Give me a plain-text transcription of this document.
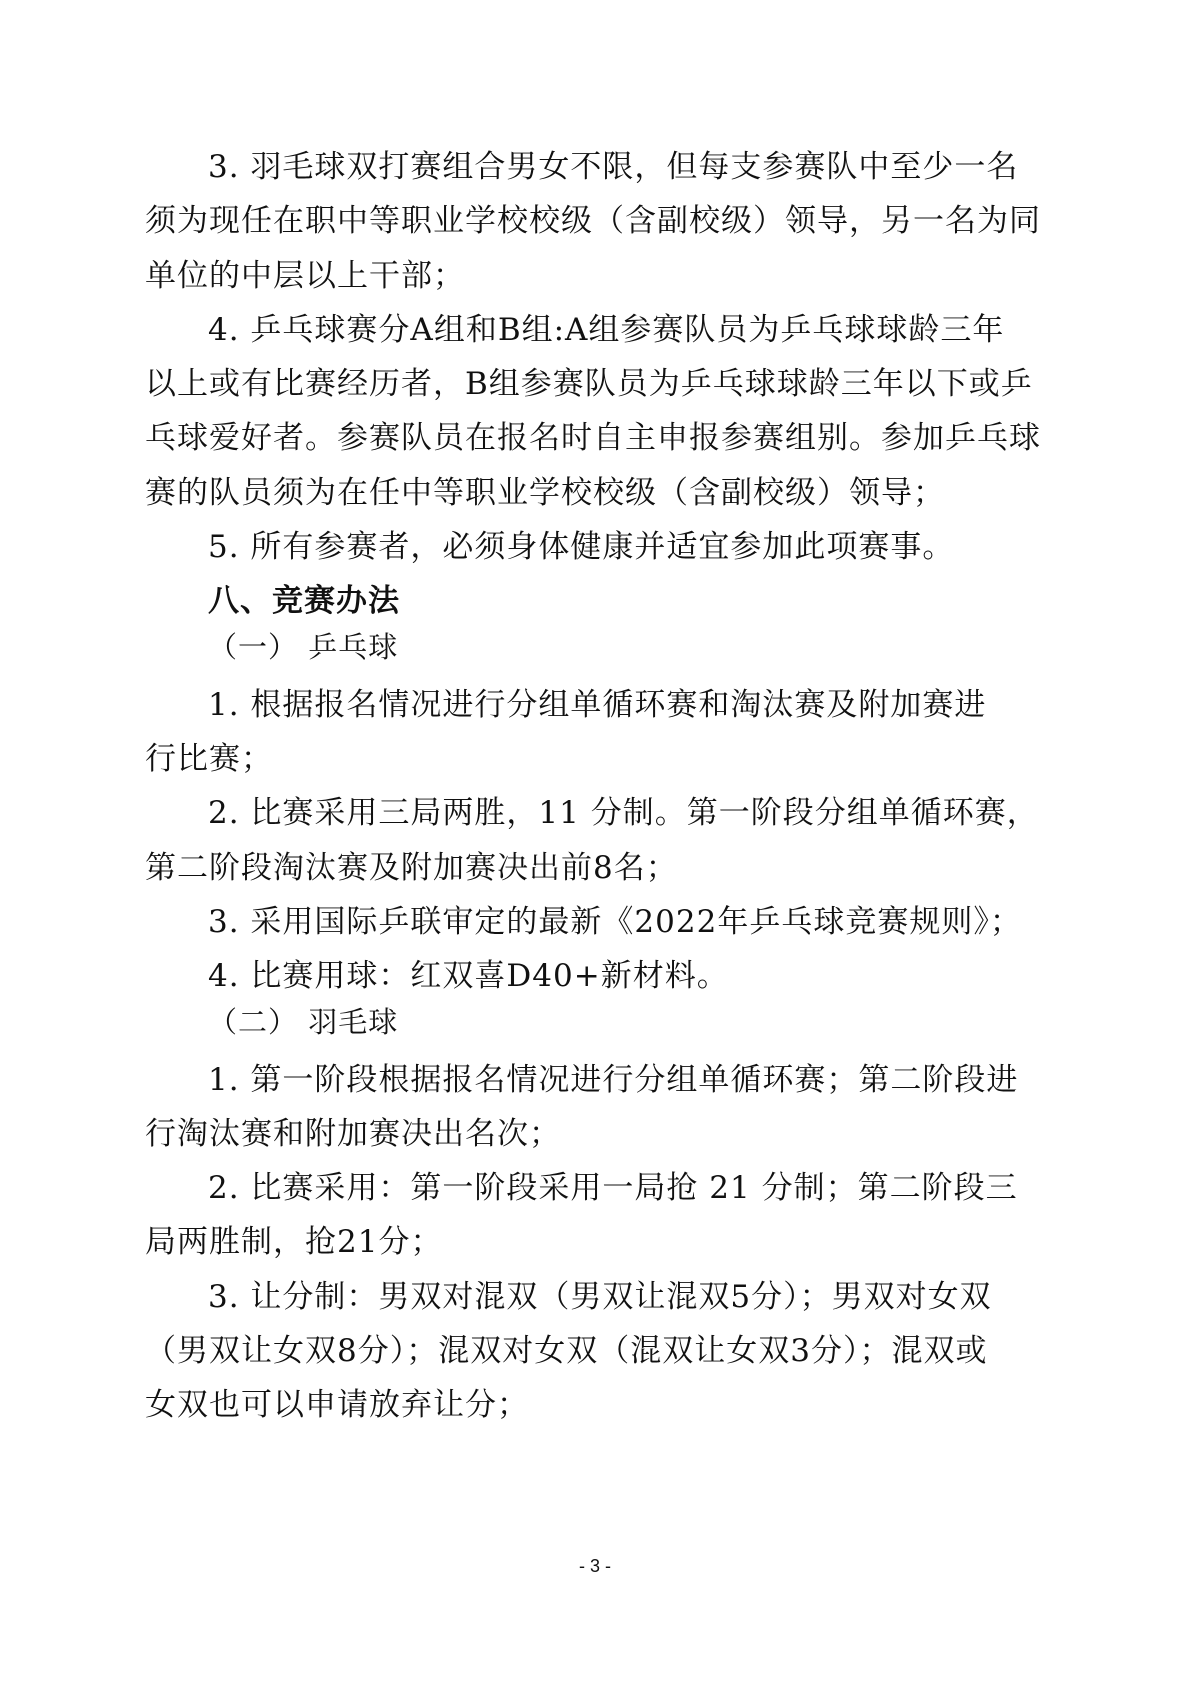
3. 羽毛球双打赛组合男女不限，但每支参赛队中至少一名
须为现任在职中等职业学校校级（含副校级）领导，另一名为同
单位的中层以上干部；
4. 乒乓球赛分A组和B组:A组参赛队员为乒乓球球龄三年
以上或有比赛经历者，B组参赛队员为乒乓球球龄三年以下或乒
乓球爱好者。参赛队员在报名时自主申报参赛组别。参加乒乓球
赛的队员须为在任中等职业学校校级（含副校级）领导；
5. 所有参赛者，必须身体健康并适宜参加此项赛事。
八、竞赛办法
（一） 乒乓球
1. 根据报名情况进行分组单循环赛和淘汰赛及附加赛进
行比赛；
2. 比赛采用三局两胜，11 分制。第一阶段分组单循环赛，
第二阶段淘汰赛及附加赛决出前8名；
3. 采用国际乒联审定的最新《2022年乒乓球竞赛规则》；
4. 比赛用球：红双喜D40+新材料。
（二） 羽毛球
1. 第一阶段根据报名情况进行分组单循环赛；第二阶段进
行淘汰赛和附加赛决出名次；
2. 比赛采用：第一阶段采用一局抢 21 分制；第二阶段三
局两胜制，抢21分；
3. 让分制：男双对混双（男双让混双5分）；男双对女双
（男双让女双8分）；混双对女双（混双让女双3分）；混双或
女双也可以申请放弃让分；
- 3 -
